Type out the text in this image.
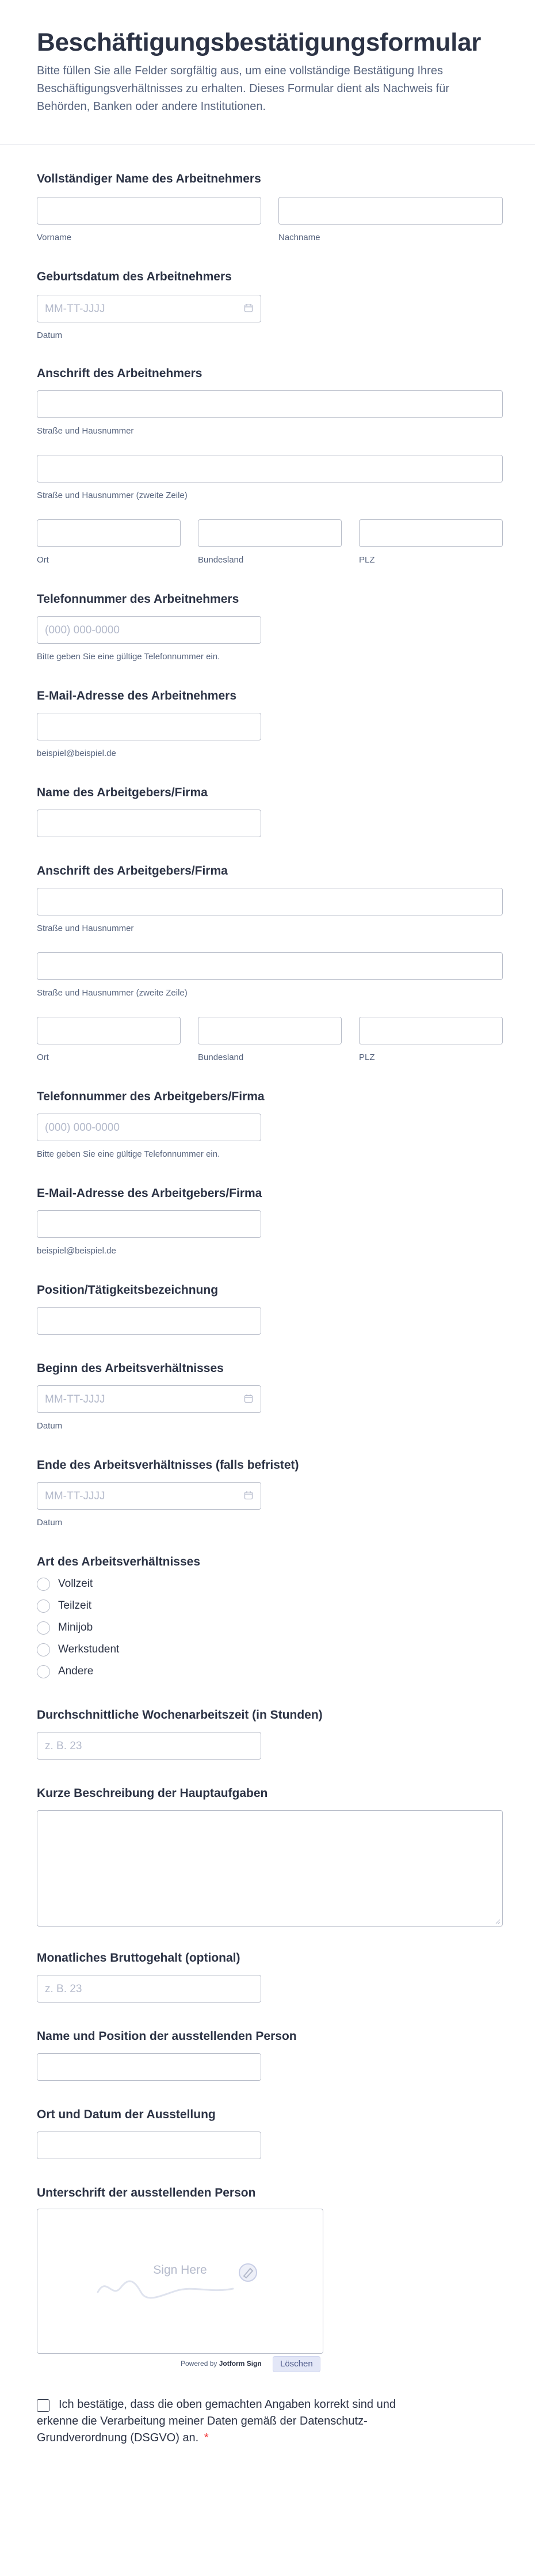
Beschäftigungsbestätigungsformular
Bitte füllen Sie alle Felder sorgfältig aus, um eine vollständige Bestätigung Ihres Beschäftigungsverhältnisses zu erhalten. Dieses Formular dient als Nachweis für Behörden, Banken oder andere Institutionen.
Vollständiger Name des Arbeitnehmers
Vorname	Nachname
Geburtsdatum des Arbeitnehmers
MM-TT-JJJJ
Datum
Anschrift des Arbeitnehmers
Straße und Hausnummer
Straße und Hausnummer (zweite Zeile)
Ort	Bundesland	PLZ
Telefonnummer des Arbeitnehmers
(000) 000-0000
Bitte geben Sie eine gültige Telefonnummer ein.
E-Mail-Adresse des Arbeitnehmers
beispiel@beispiel.de
Name des Arbeitgebers/Firma
Anschrift des Arbeitgebers/Firma
Straße und Hausnummer
Straße und Hausnummer (zweite Zeile)
Ort	Bundesland	PLZ
Telefonnummer des Arbeitgebers/Firma
(000) 000-0000
Bitte geben Sie eine gültige Telefonnummer ein.
E-Mail-Adresse des Arbeitgebers/Firma
beispiel@beispiel.de
Position/Tätigkeitsbezeichnung
Beginn des Arbeitsverhältnisses
MM-TT-JJJJ
Datum
Ende des Arbeitsverhältnisses (falls befristet)
MM-TT-JJJJ
Datum
Art des Arbeitsverhältnisses
Vollzeit
Teilzeit
Minijob
Werkstudent
Andere
Durchschnittliche Wochenarbeitszeit (in Stunden)
z. B. 23
Kurze Beschreibung der Hauptaufgaben
Monatliches Bruttogehalt (optional)
z. B. 23
Name und Position der ausstellenden Person
Ort und Datum der Ausstellung
Unterschrift der ausstellenden Person
Sign Here
Powered by Jotform Sign	Löschen
Ich bestätige, dass die oben gemachten Angaben korrekt sind und erkenne die Verarbeitung meiner Daten gemäß der Datenschutz-Grundverordnung (DSGVO) an. *
